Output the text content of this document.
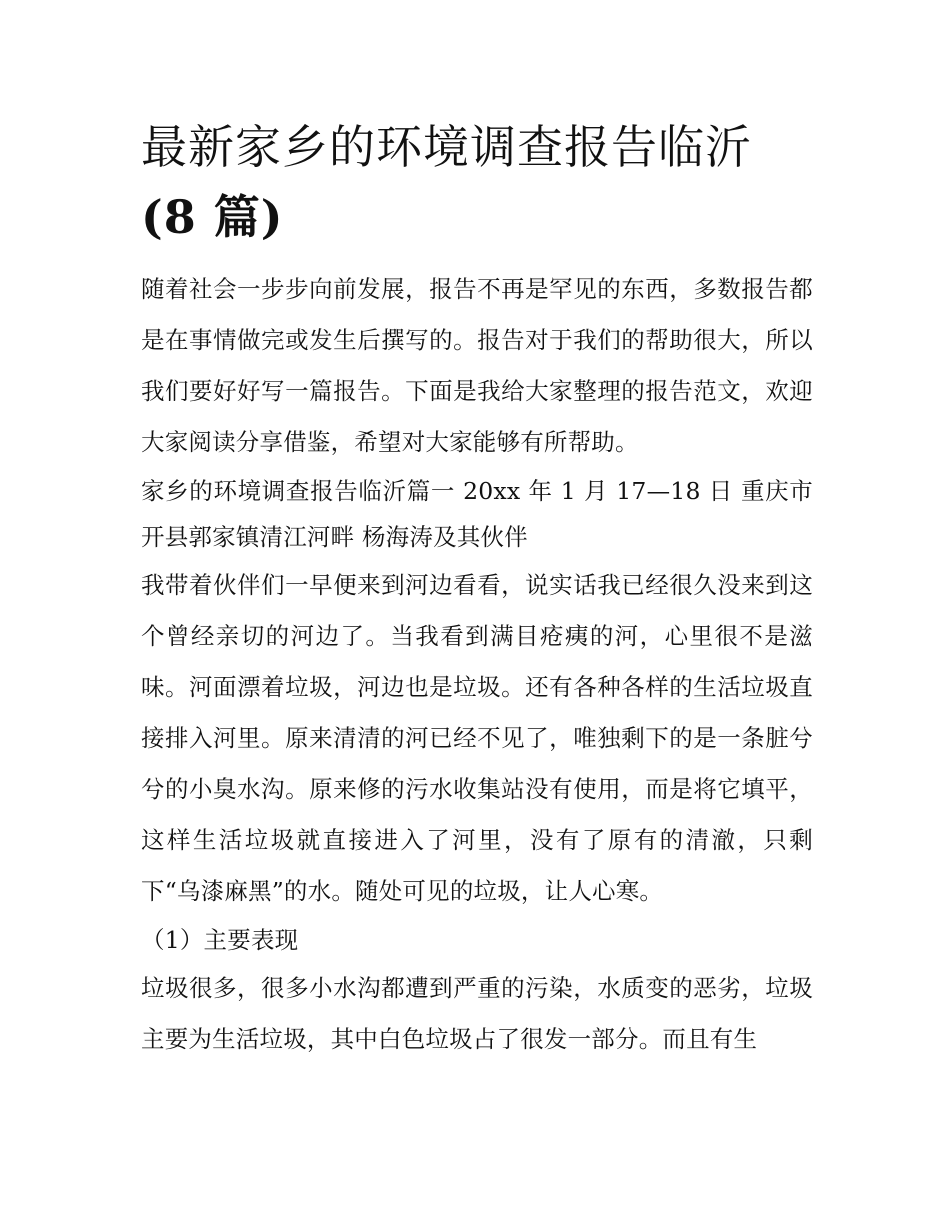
最新家乡的环境调查报告临沂
(8 篇)

随着社会一步步向前发展，报告不再是罕见的东西，多数报告都是在事情做完或发生后撰写的。报告对于我们的帮助很大，所以我们要好好写一篇报告。下面是我给大家整理的报告范文，欢迎大家阅读分享借鉴，希望对大家能够有所帮助。

家乡的环境调查报告临沂篇一 20xx 年 1 月 17—18 日 重庆市开县郭家镇清江河畔 杨海涛及其伙伴

我带着伙伴们一早便来到河边看看，说实话我已经很久没来到这个曾经亲切的河边了。当我看到满目疮痍的河，心里很不是滋味。河面漂着垃圾，河边也是垃圾。还有各种各样的生活垃圾直接排入河里。原来清清的河已经不见了，唯独剩下的是一条脏兮兮的小臭水沟。原来修的污水收集站没有使用，而是将它填平，这样生活垃圾就直接进入了河里，没有了原有的清澈，只剩下“乌漆麻黑”的水。随处可见的垃圾，让人心寒。

（1）主要表现

垃圾很多，很多小水沟都遭到严重的污染，水质变的恶劣，垃圾主要为生活垃圾，其中白色垃圾占了很发一部分。而且有生
